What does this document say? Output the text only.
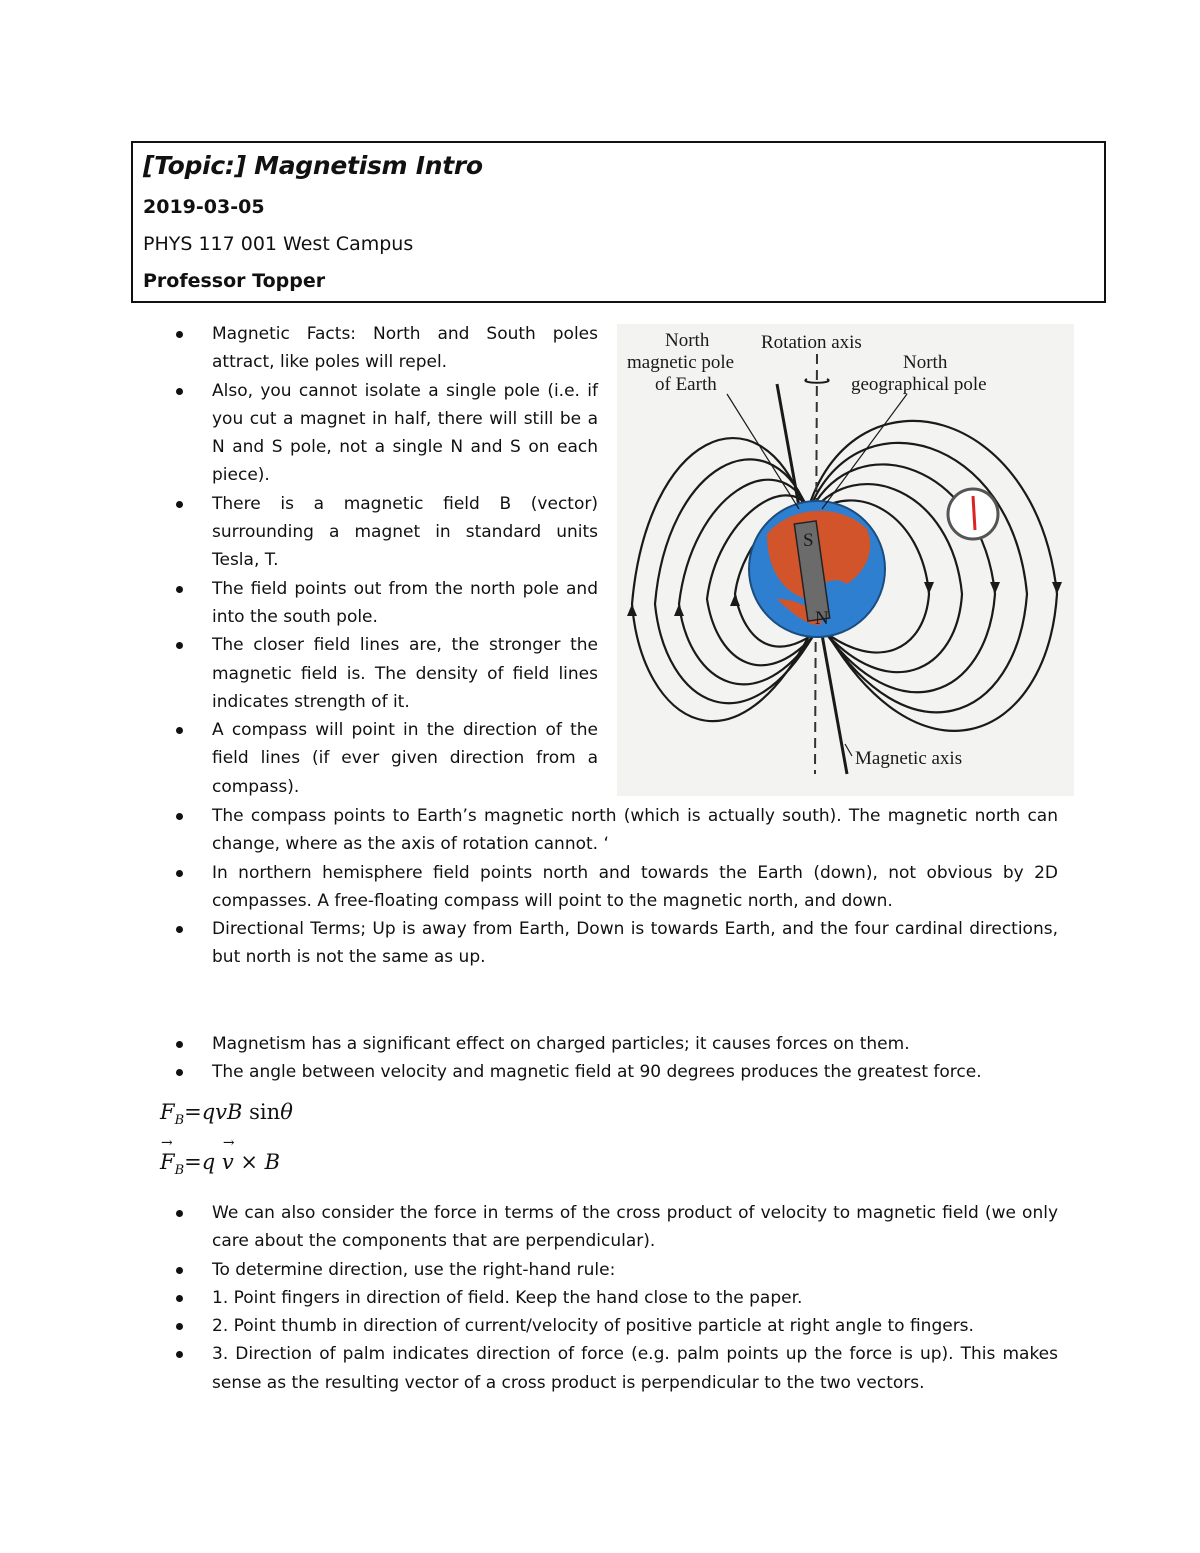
[Topic:] Magnetism Intro
2019-03-05
PHYS 117 001 West Campus
Professor Topper
Magnetic Facts: North and South poles attract, like poles will repel.
Also, you cannot isolate a single pole (i.e. if you cut a magnet in half, there will still be a N and S pole, not a single N and S on each piece).
There is a magnetic field B (vector) surrounding a magnet in standard units Tesla, T.
The field points out from the north pole and into the south pole.
The closer field lines are, the stronger the magnetic field is. The density of field lines indicates strength of it.
A compass will point in the direction of the field lines (if ever given direction from a compass).
S
N
North
magnetic pole
of Earth
Rotation axis
North
geographical pole
Magnetic axis
The compass points to Earth’s magnetic north (which is actually south). The magnetic north can change, where as the axis of rotation cannot. ‘
In northern hemisphere field points north and towards the Earth (down), not obvious by 2D compasses. A free-floating compass will point to the magnetic north, and down.
Directional Terms; Up is away from Earth, Down is towards Earth, and the four cardinal directions, but north is not the same as up.
Magnetism has a significant effect on charged particles; it causes forces on them.
The angle between velocity and magnetic field at 90 degrees produces the greatest force.
$F_B=qvB$ sinθ
→ $F_B=q \to v \times B$
We can also consider the force in terms of the cross product of velocity to magnetic field (we only care about the components that are perpendicular).
To determine direction, use the right-hand rule:
1. Point fingers in direction of field. Keep the hand close to the paper.
2. Point thumb in direction of current/velocity of positive particle at right angle to fingers.
3. Direction of palm indicates direction of force (e.g. palm points up the force is up). This makes sense as the resulting vector of a cross product is perpendicular to the two vectors.
